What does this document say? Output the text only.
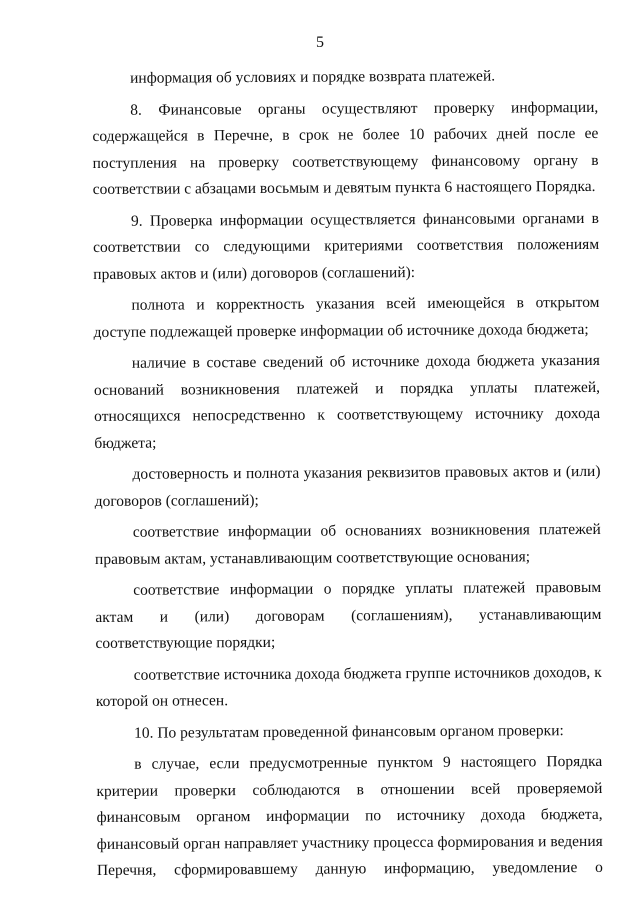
5

информация об условиях и порядке возврата платежей.

8. Финансовые органы осуществляют проверку информации, содержащейся в Перечне, в срок не более 10 рабочих дней после ее поступления на проверку соответствующему финансовому органу в соответствии с абзацами восьмым и девятым пункта 6 настоящего Порядка.

9. Проверка информации осуществляется финансовыми органами в соответствии со следующими критериями соответствия положениям правовых актов и (или) договоров (соглашений):

полнота и корректность указания всей имеющейся в открытом доступе подлежащей проверке информации об источнике дохода бюджета;

наличие в составе сведений об источнике дохода бюджета указания оснований возникновения платежей и порядка уплаты платежей, относящихся непосредственно к соответствующему источнику дохода бюджета;

достоверность и полнота указания реквизитов правовых актов и (или) договоров (соглашений);

соответствие информации об основаниях возникновения платежей правовым актам, устанавливающим соответствующие основания;

соответствие информации о порядке уплаты платежей правовым актам и (или) договорам (соглашениям), устанавливающим соответствующие порядки;

соответствие источника дохода бюджета группе источников доходов, к которой он отнесен.

10. По результатам проведенной финансовым органом проверки:

в случае, если предусмотренные пунктом 9 настоящего Порядка критерии проверки соблюдаются в отношении всей проверяемой финансовым органом информации по источнику дохода бюджета, финансовый орган направляет участнику процесса формирования и ведения Перечня, сформировавшему данную информацию, уведомление о
